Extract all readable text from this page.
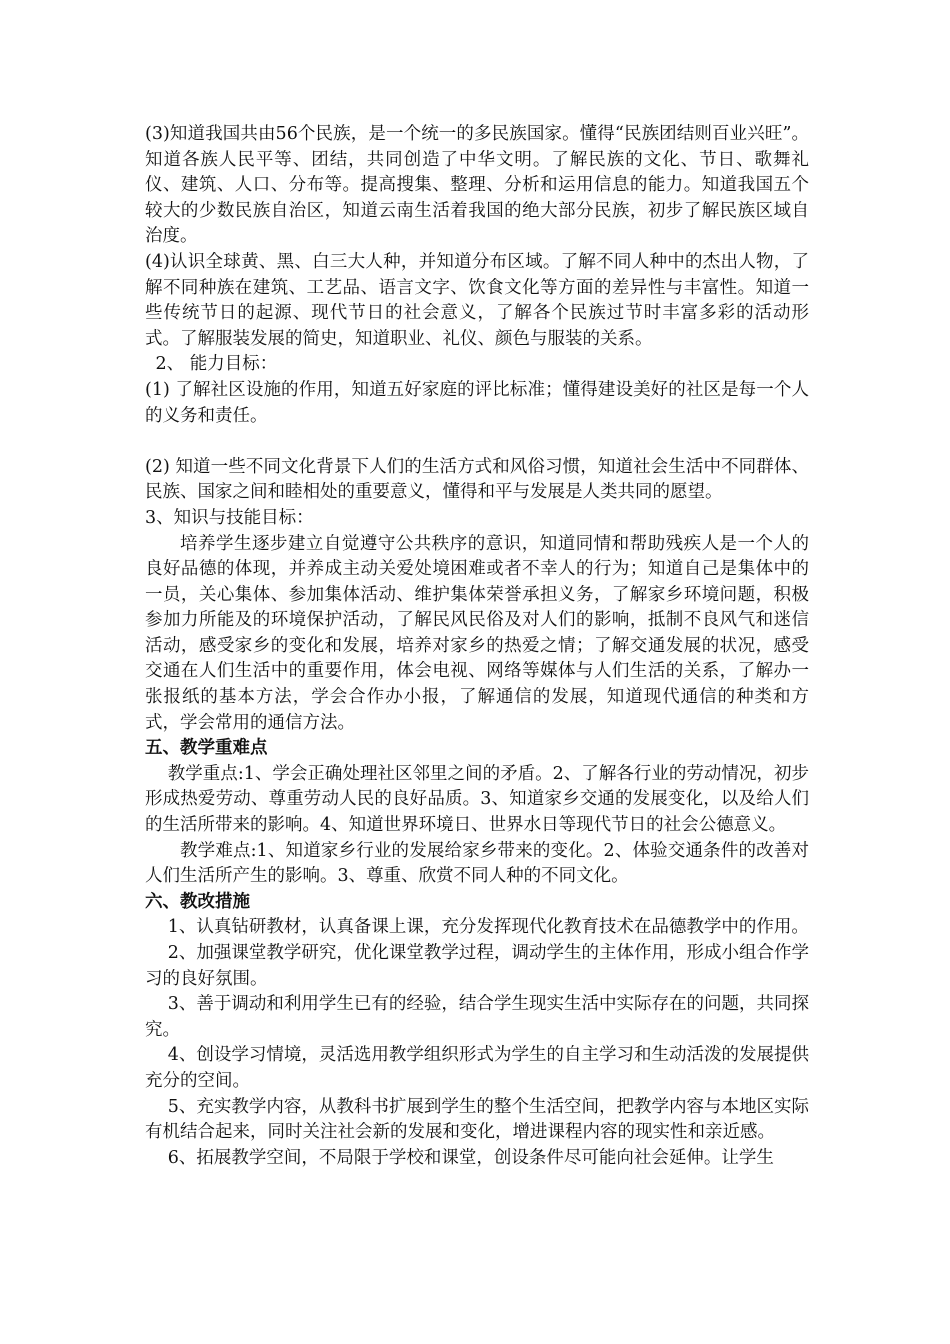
(3)知道我国共由56个民族，是一个统一的多民族国家。懂得“民族团结则百业兴旺”。知道各族人民平等、团结，共同创造了中华文明。了解民族的文化、节日、歌舞礼仪、建筑、人口、分布等。提高搜集、整理、分析和运用信息的能力。知道我国五个较大的少数民族自治区，知道云南生活着我国的绝大部分民族，初步了解民族区域自治度。

(4)认识全球黄、黑、白三大人种，并知道分布区域。了解不同人种中的杰出人物，了解不同种族在建筑、工艺品、语言文字、饮食文化等方面的差异性与丰富性。知道一些传统节日的起源、现代节日的社会意义，了解各个民族过节时丰富多彩的活动形式。了解服装发展的简史，知道职业、礼仪、颜色与服装的关系。

2、 能力目标：

(1) 了解社区设施的作用，知道五好家庭的评比标准；懂得建设美好的社区是每一个人的义务和责任。

(2) 知道一些不同文化背景下人们的生活方式和风俗习惯，知道社会生活中不同群体、民族、国家之间和睦相处的重要意义，懂得和平与发展是人类共同的愿望。

3、知识与技能目标：

培养学生逐步建立自觉遵守公共秩序的意识，知道同情和帮助残疾人是一个人的良好品德的体现，并养成主动关爱处境困难或者不幸人的行为；知道自己是集体中的一员，关心集体、参加集体活动、维护集体荣誉承担义务，了解家乡环境问题，积极参加力所能及的环境保护活动，了解民风民俗及对人们的影响，抵制不良风气和迷信活动，感受家乡的变化和发展，培养对家乡的热爱之情；了解交通发展的状况，感受交通在人们生活中的重要作用，体会电视、网络等媒体与人们生活的关系，了解办一张报纸的基本方法，学会合作办小报，了解通信的发展，知道现代通信的种类和方式，学会常用的通信方法。

五、教学重难点

教学重点:1、学会正确处理社区邻里之间的矛盾。2、了解各行业的劳动情况，初步形成热爱劳动、尊重劳动人民的良好品质。3、知道家乡交通的发展变化，以及给人们的生活所带来的影响。4、知道世界环境日、世界水日等现代节日的社会公德意义。

教学难点:1、知道家乡行业的发展给家乡带来的变化。2、体验交通条件的改善对人们生活所产生的影响。3、尊重、欣赏不同人种的不同文化。

六、教改措施

1、认真钻研教材，认真备课上课，充分发挥现代化教育技术在品德教学中的作用。

2、加强课堂教学研究，优化课堂教学过程，调动学生的主体作用，形成小组合作学习的良好氛围。

3、善于调动和利用学生已有的经验，结合学生现实生活中实际存在的问题，共同探究。

4、创设学习情境，灵活选用教学组织形式为学生的自主学习和生动活泼的发展提供充分的空间。

5、充实教学内容，从教科书扩展到学生的整个生活空间，把教学内容与本地区实际有机结合起来，同时关注社会新的发展和变化，增进课程内容的现实性和亲近感。

6、拓展教学空间，不局限于学校和课堂，创设条件尽可能向社会延伸。让学生
